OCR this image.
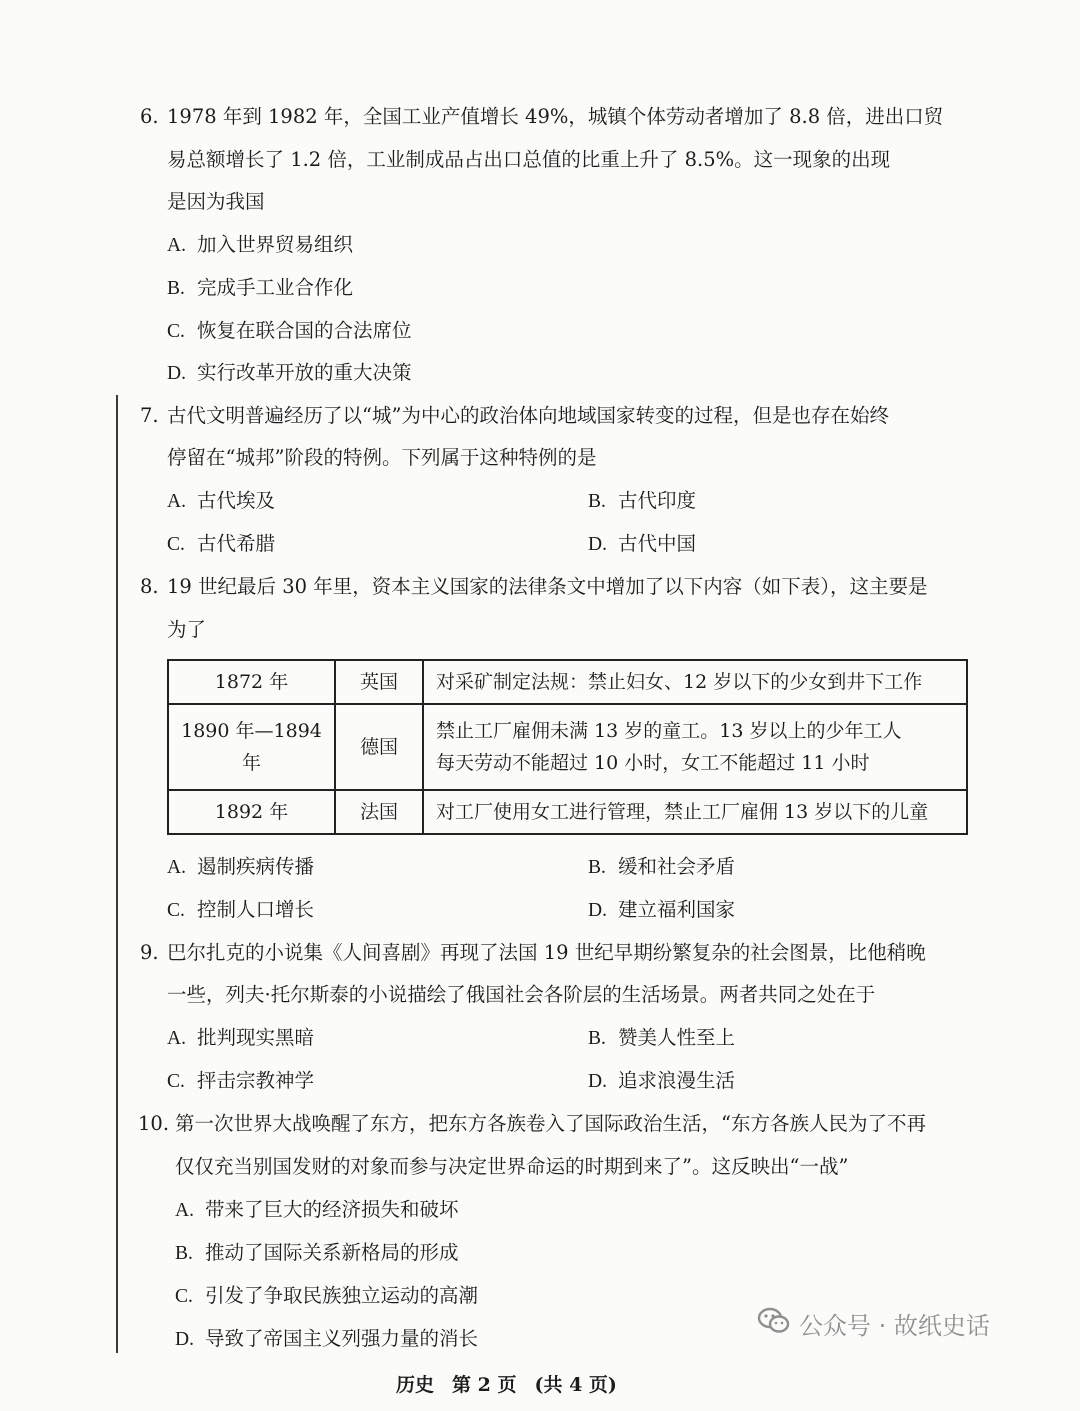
6. 1978 年到 1982 年，全国工业产值增长 49%，城镇个体劳动者增加了 8.8 倍，进出口贸
易总额增长了 1.2 倍，工业制成品占出口总值的比重上升了 8.5%。这一现象的出现
是因为我国
A. 加入世界贸易组织
B. 完成手工业合作化
C. 恢复在联合国的合法席位
D. 实行改革开放的重大决策
7. 古代文明普遍经历了以“城”为中心的政治体向地域国家转变的过程，但是也存在始终
停留在“城邦”阶段的特例。下列属于这种特例的是
A. 古代埃及	B. 古代印度
C. 古代希腊	D. 古代中国
8. 19 世纪最后 30 年里，资本主义国家的法律条文中增加了以下内容（如下表），这主要是
为了
1872 年	英国	对采矿制定法规：禁止妇女、12 岁以下的少女到井下工作
1890 年—1894 年	德国	禁止工厂雇佣未满 13 岁的童工。13 岁以上的少年工人
每天劳动不能超过 10 小时，女工不能超过 11 小时

1892 年	法国	对工厂使用女工进行管理，禁止工厂雇佣 13 岁以下的儿童
A. 遏制疾病传播	B. 缓和社会矛盾
C. 控制人口增长	D. 建立福利国家
9. 巴尔扎克的小说集《人间喜剧》再现了法国 19 世纪早期纷繁复杂的社会图景，比他稍晚
一些，列夫·托尔斯泰的小说描绘了俄国社会各阶层的生活场景。两者共同之处在于
A. 批判现实黑暗	B. 赞美人性至上
C. 抨击宗教神学	D. 追求浪漫生活
10. 第一次世界大战唤醒了东方，把东方各族卷入了国际政治生活，“东方各族人民为了不再
仅仅充当别国发财的对象而参与决定世界命运的时期到来了”。这反映出“一战”
A. 带来了巨大的经济损失和破坏
B. 推动了国际关系新格局的形成
C. 引发了争取民族独立运动的高潮
D. 导致了帝国主义列强力量的消长	公众号 · 故纸史话
历史 第 2 页 (共 4 页)
